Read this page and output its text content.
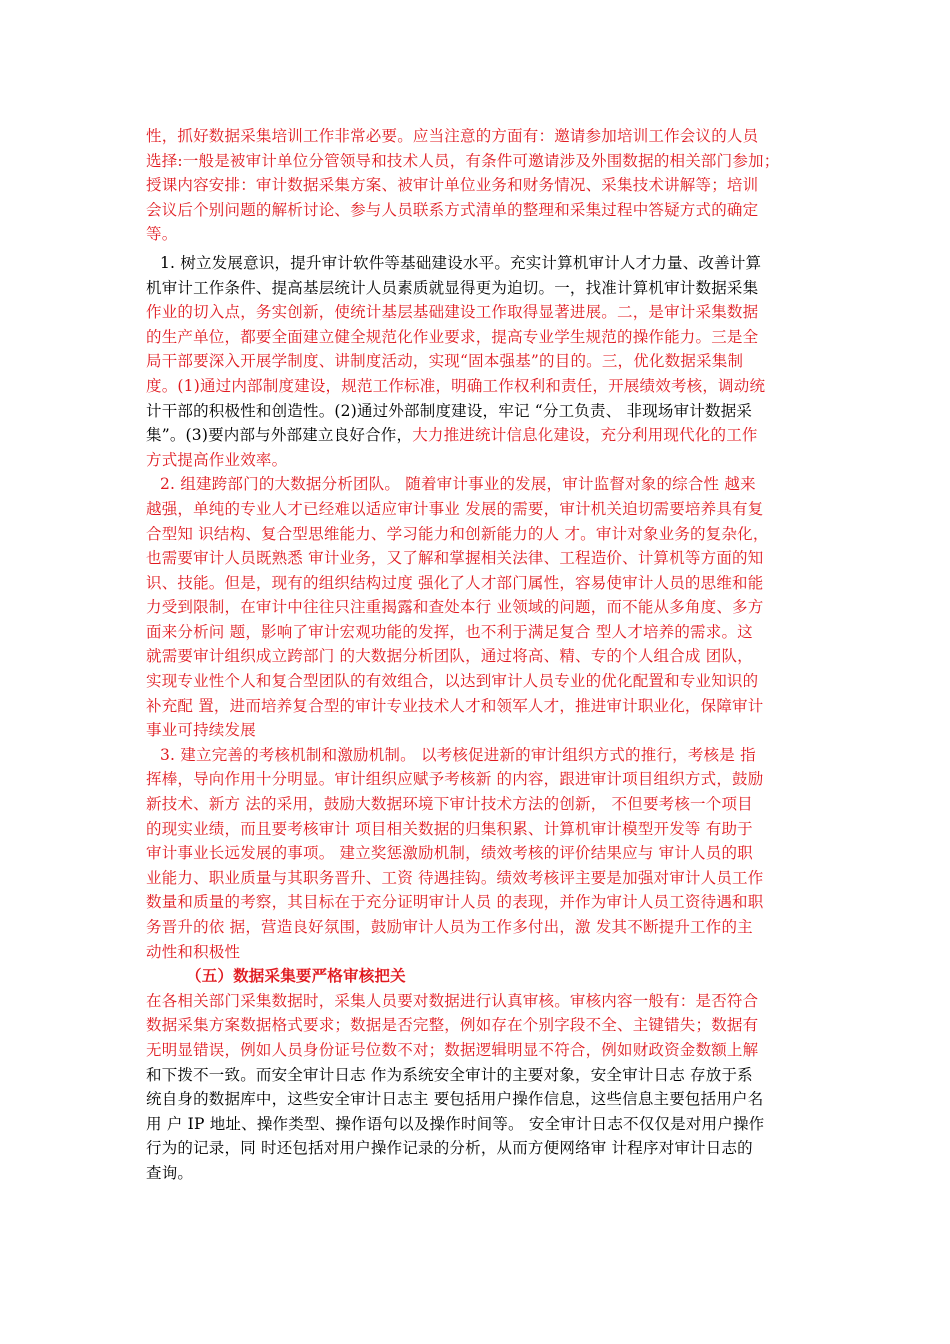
性，抓好数据采集培训工作非常必要。应当注意的方面有：邀请参加培训工作会议的人员
选择:一般是被审计单位分管领导和技术人员，有条件可邀请涉及外围数据的相关部门参加；
授课内容安排：审计数据采集方案、被审计单位业务和财务情况、采集技术讲解等；培训
会议后个别问题的解析讨论、参与人员联系方式清单的整理和采集过程中答疑方式的确定
等。
1. 树立发展意识，提升审计软件等基础建设水平。充实计算机审计人才力量、改善计算
机审计工作条件、提高基层统计人员素质就显得更为迫切。一，找准计算机审计数据采集
作业的切入点，务实创新，使统计基层基础建设工作取得显著进展。二，是审计采集数据
的生产单位，都要全面建立健全规范化作业要求，提高专业学生规范的操作能力。三是全
局干部要深入开展学制度、讲制度活动，实现“固本强基”的目的。三，优化数据采集制
度。(1)通过内部制度建设，规范工作标准，明确工作权利和责任，开展绩效考核，调动统
计干部的积极性和创造性。(2)通过外部制度建设，牢记 “分工负责、 非现场审计数据采
集”。(3)要内部与外部建立良好合作，大力推进统计信息化建设，充分利用现代化的工作
方式提高作业效率。
2. 组建跨部门的大数据分析团队。 随着审计事业的发展，审计监督对象的综合性 越来
越强，单纯的专业人才已经难以适应审计事业 发展的需要，审计机关迫切需要培养具有复
合型知 识结构、复合型思维能力、学习能力和创新能力的人 才。审计对象业务的复杂化，
也需要审计人员既熟悉 审计业务，又了解和掌握相关法律、工程造价、计算机等方面的知
识、技能。但是，现有的组织结构过度 强化了人才部门属性，容易使审计人员的思维和能
力受到限制，在审计中往往只注重揭露和查处本行 业领域的问题，而不能从多角度、多方
面来分析问 题，影响了审计宏观功能的发挥，也不利于满足复合 型人才培养的需求。这
就需要审计组织成立跨部门 的大数据分析团队，通过将高、精、专的个人组合成 团队，
实现专业性个人和复合型团队的有效组合，以达到审计人员专业的优化配置和专业知识的
补充配 置，进而培养复合型的审计专业技术人才和领军人才，推进审计职业化，保障审计
事业可持续发展
3. 建立完善的考核机制和激励机制。 以考核促进新的审计组织方式的推行，考核是 指
挥棒，导向作用十分明显。审计组织应赋予考核新 的内容，跟进审计项目组织方式，鼓励
新技术、新方 法的采用，鼓励大数据环境下审计技术方法的创新， 不但要考核一个项目
的现实业绩，而且要考核审计 项目相关数据的归集积累、计算机审计模型开发等 有助于
审计事业长远发展的事项。 建立奖惩激励机制，绩效考核的评价结果应与 审计人员的职
业能力、职业质量与其职务晋升、工资 待遇挂钩。绩效考核评主要是加强对审计人员工作
数量和质量的考察，其目标在于充分证明审计人员 的表现，并作为审计人员工资待遇和职
务晋升的依 据，营造良好氛围，鼓励审计人员为工作多付出，激 发其不断提升工作的主
动性和积极性
（五）数据采集要严格审核把关
在各相关部门采集数据时，采集人员要对数据进行认真审核。审核内容一般有：是否符合
数据采集方案数据格式要求；数据是否完整，例如存在个别字段不全、主键错失；数据有
无明显错误，例如人员身份证号位数不对；数据逻辑明显不符合，例如财政资金数额上解
和下拨不一致。而安全审计日志 作为系统安全审计的主要对象，安全审计日志 存放于系
统自身的数据库中，这些安全审计日志主 要包括用户操作信息，这些信息主要包括用户名
用 户 IP 地址、操作类型、操作语句以及操作时间等。 安全审计日志不仅仅是对用户操作
行为的记录，同 时还包括对用户操作记录的分析，从而方便网络审 计程序对审计日志的
查询。
